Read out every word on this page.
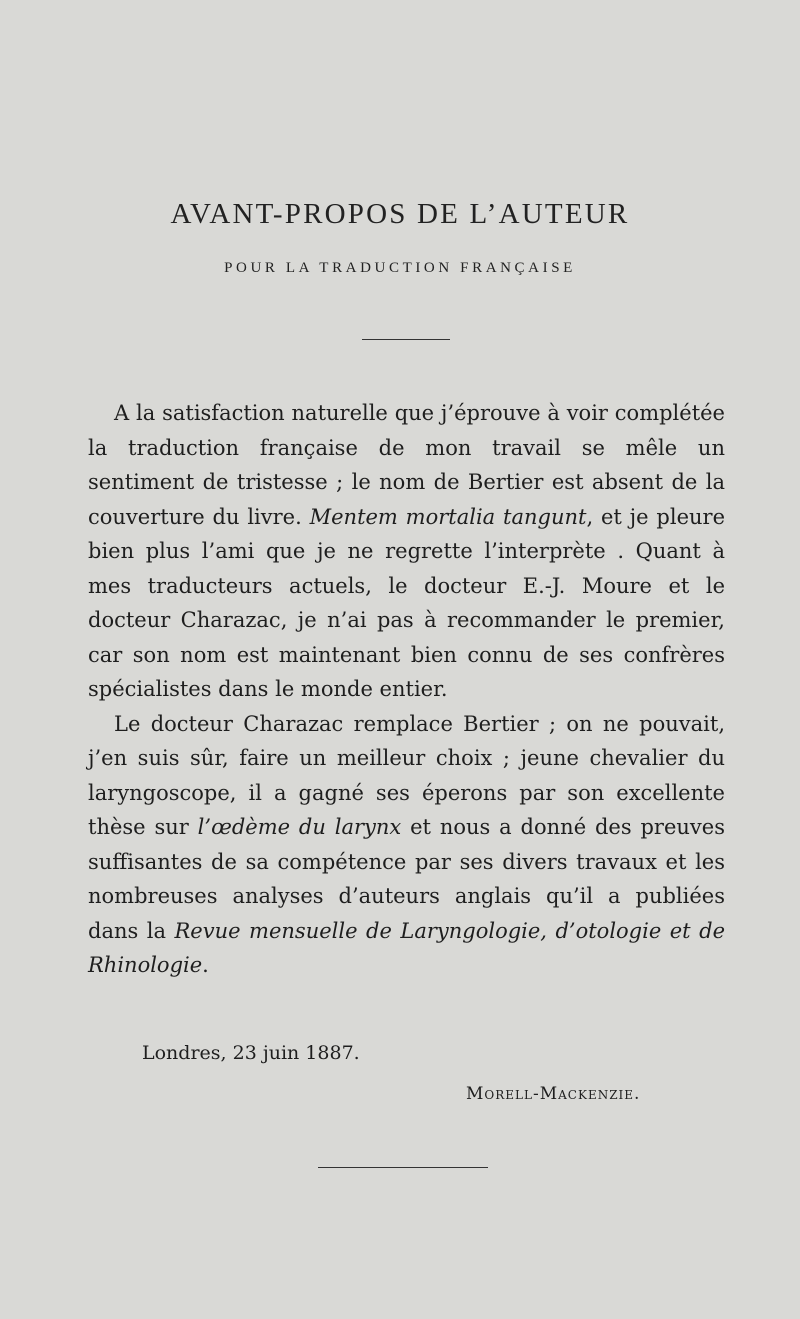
AVANT-PROPOS DE L’AUTEUR
POUR LA TRADUCTION FRANÇAISE

A la satisfaction naturelle que j’éprouve à voir complétée la traduction française de mon travail se mêle un sentiment de tristesse ; le nom de Bertier est absent de la couverture du livre. Mentem mortalia tangunt, et je pleure bien plus l’ami que je ne regrette l’interprète . Quant à mes traducteurs actuels, le docteur E.-J. Moure et le docteur Charazac, je n’ai pas à recommander le premier, car son nom est maintenant bien connu de ses confrères spécialistes dans le monde entier.

Le docteur Charazac remplace Bertier ; on ne pouvait, j’en suis sûr, faire un meilleur choix ; jeune chevalier du laryngoscope, il a gagné ses éperons par son excellente thèse sur l’œdème du larynx et nous a donné des preuves suffisantes de sa compétence par ses divers travaux et les nombreuses analyses d’auteurs anglais qu’il a publiées dans la Revue mensuelle de Laryngologie, d’otologie et de Rhinologie.

Londres, 23 juin 1887.
Morell-Mackenzie.
